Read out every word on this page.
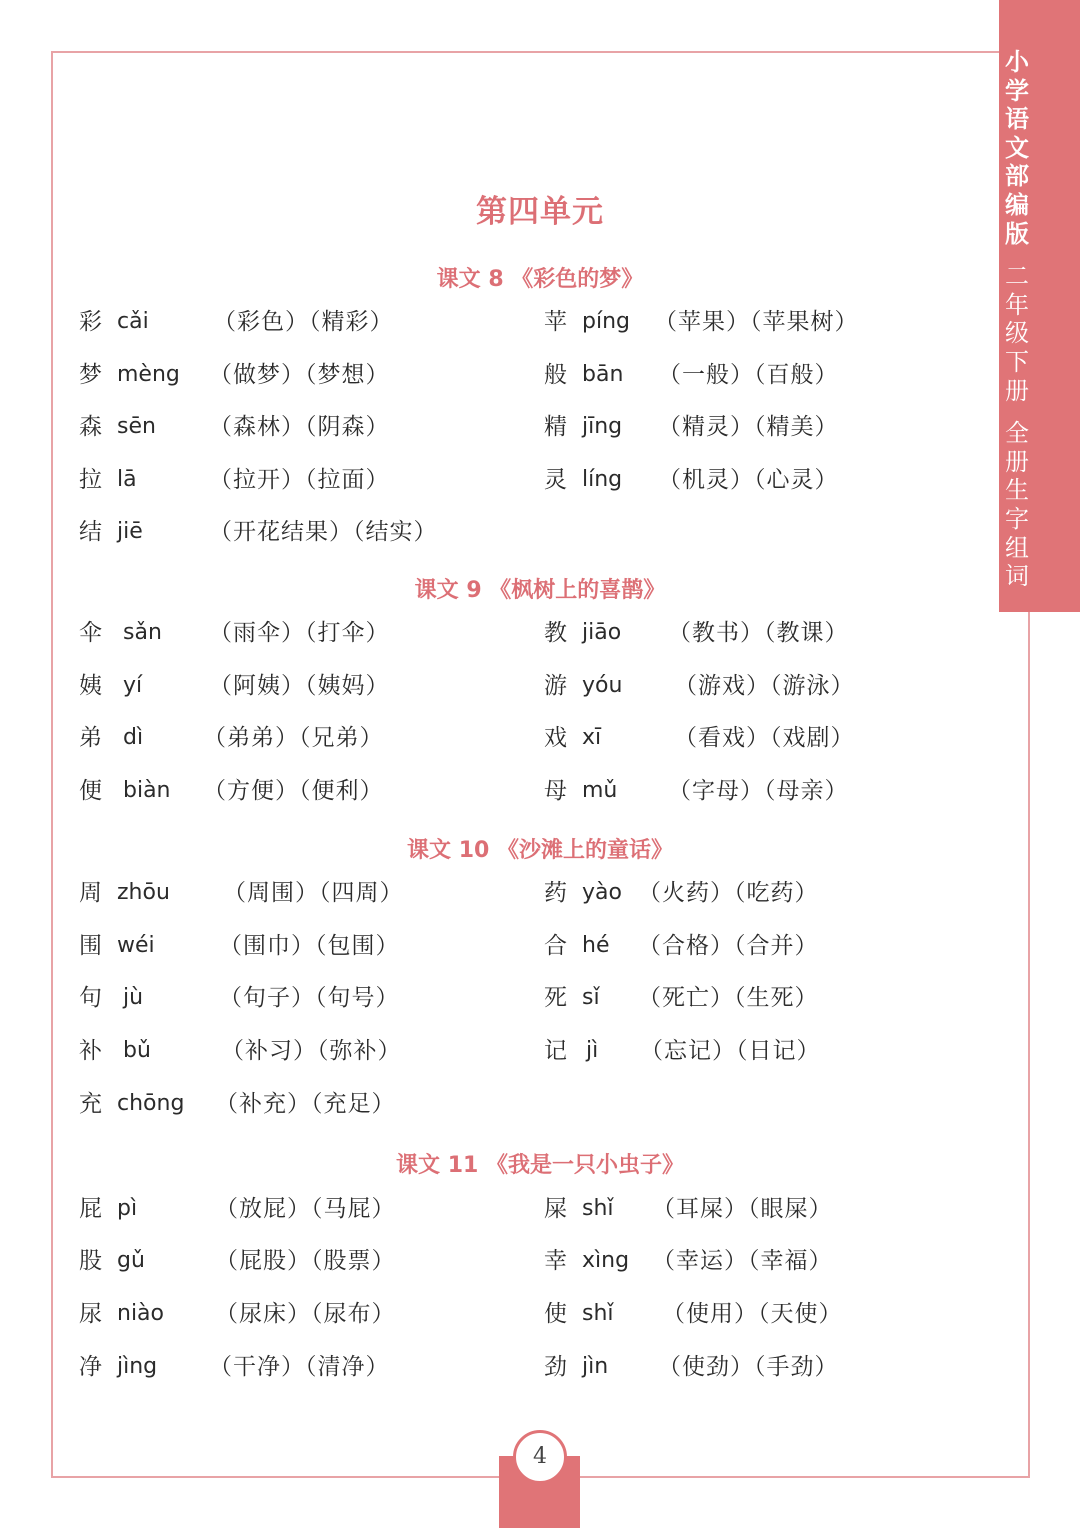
小
学
语
文
部
编
版
二
年
级
下
册
全
册
生
字
组
词
第四单元
课文 8 《彩色的梦》
彩 cǎi	（彩色）（精彩）
梦 mèng （做梦）（梦想）
森 sēn （森林）（阴森）
拉 lā	（拉开）（拉面）
结 jiē	（开花结果）（结实）
苹 píng （苹果）（苹果树）
般 bān （一般）（百般）
精 jīng （精灵）（精美）
灵 líng （机灵）（心灵）
课文 9 《枫树上的喜鹊》
伞 sǎn （雨伞）（打伞）
姨 yí	（阿姨）（姨妈）
弟 dì	（弟弟）（兄弟）
便 biàn （方便）（便利）
教 jiāo （教书）（教课）
游 yóu （游戏）（游泳）
戏 xī	（看戏）（戏剧）
母 mǔ （字母）（母亲）
课文 10 《沙滩上的童话》
周 zhōu （周围）（四周）
围 wéi	（围巾）（包围）
句 jù	（句子）（句号）
补 bǔ	（补习）（弥补）
充 chōng （补充）（充足）
药 yào （火药）（吃药）
合 hé （合格）（合并）
死 sǐ （死亡）（生死）
记 jì （忘记）（日记）
课文 11 《我是一只小虫子》
屁 pì	（放屁）（马屁）
股 gǔ	（屁股）（股票）
尿 niào （尿床）（尿布）
净 jìng （干净）（清净）
屎 shǐ （耳屎）（眼屎）
幸 xìng （幸运）（幸福）
使 shǐ （使用）（天使）
劲 jìn （使劲）（手劲）
4
